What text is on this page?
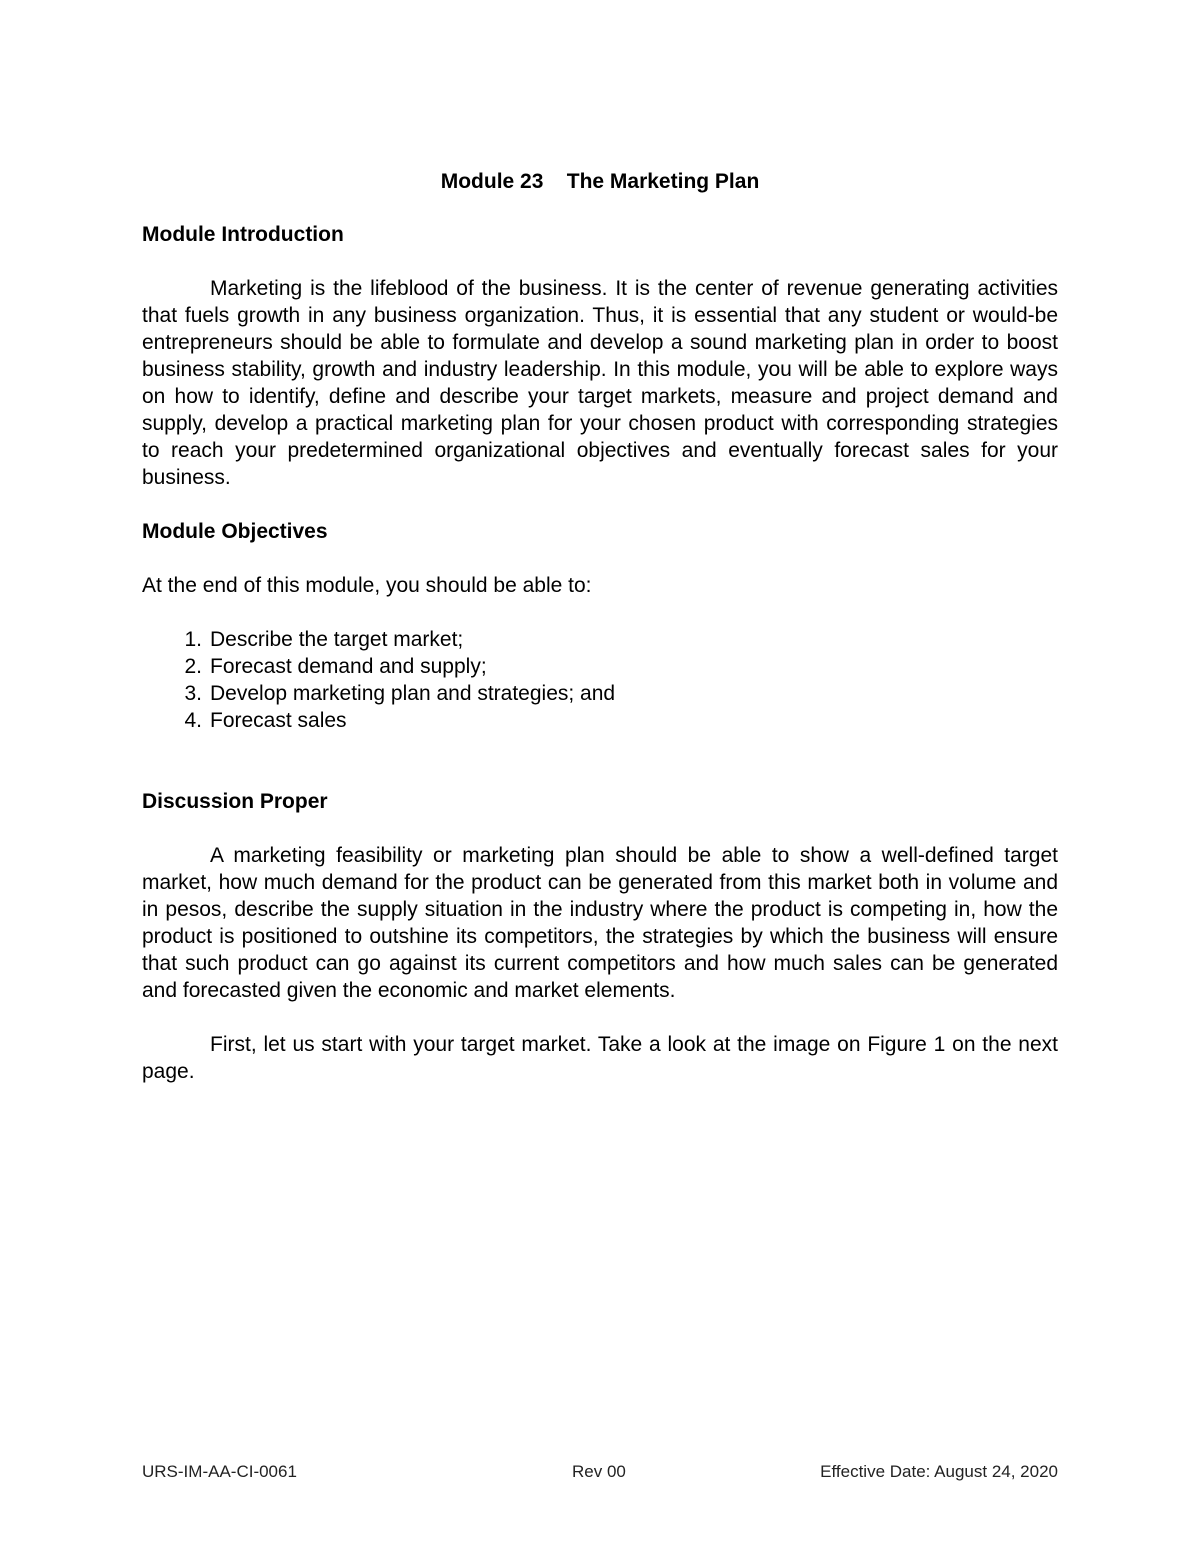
Module 23    The Marketing Plan
Module Introduction
Marketing is the lifeblood of the business. It is the center of revenue generating activities that fuels growth in any business organization. Thus, it is essential that any student or would-be entrepreneurs should be able to formulate and develop a sound marketing plan in order to boost business stability, growth and industry leadership. In this module, you will be able to explore ways on how to identify, define and describe your target markets, measure and project demand and supply, develop a practical marketing plan for your chosen product with corresponding strategies to reach your predetermined organizational objectives and eventually forecast sales for your business.
Module Objectives
At the end of this module, you should be able to:
1. Describe the target market;
2. Forecast demand and supply;
3. Develop marketing plan and strategies; and
4. Forecast sales
Discussion Proper
A marketing feasibility or marketing plan should be able to show a well-defined target market, how much demand for the product can be generated from this market both in volume and in pesos, describe the supply situation in the industry where the product is competing in, how the product is positioned to outshine its competitors, the strategies by which the business will ensure that such product can go against its current competitors and how much sales can be generated and forecasted given the economic and market elements.
First, let us start with your target market. Take a look at the image on Figure 1 on the next page.
URS-IM-AA-CI-0061	Rev 00	Effective Date: August 24, 2020
